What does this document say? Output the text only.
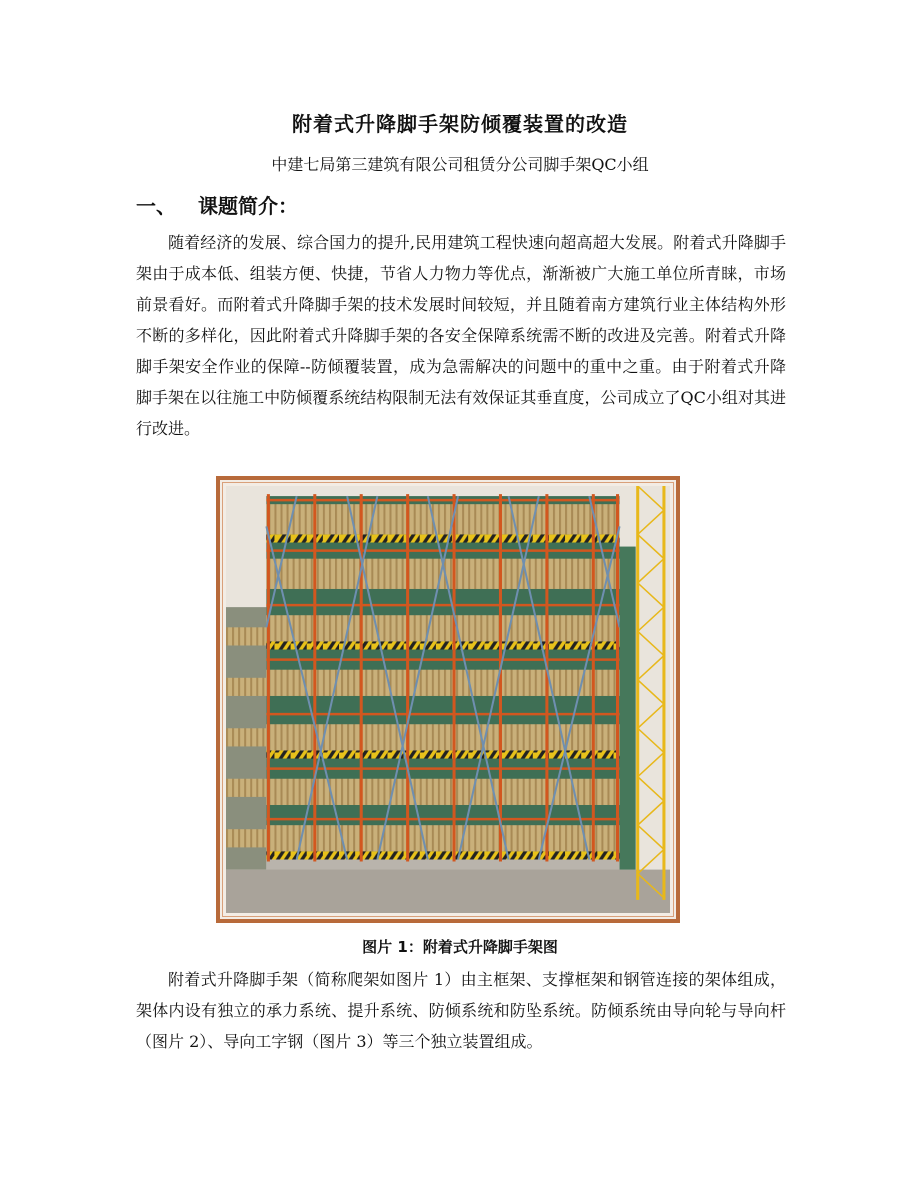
附着式升降脚手架防倾覆装置的改造
中建七局第三建筑有限公司租赁分公司脚手架QC小组
一、 课题简介：

随着经济的发展、综合国力的提升,民用建筑工程快速向超高超大发展。附着式升降脚手架由于成本低、组装方便、快捷，节省人力物力等优点，渐渐被广大施工单位所青睐，市场前景看好。而附着式升降脚手架的技术发展时间较短，并且随着南方建筑行业主体结构外形不断的多样化，因此附着式升降脚手架的各安全保障系统需不断的改进及完善。附着式升降脚手架安全作业的保障--防倾覆装置，成为急需解决的问题中的重中之重。由于附着式升降脚手架在以往施工中防倾覆系统结构限制无法有效保证其垂直度，公司成立了QC小组对其进行改进。

图片 1：附着式升降脚手架图

附着式升降脚手架（简称爬架如图片 1）由主框架、支撑框架和钢管连接的架体组成，架体内设有独立的承力系统、提升系统、防倾系统和防坠系统。防倾系统由导向轮与导向杆（图片 2）、导向工字钢（图片 3）等三个独立装置组成。
